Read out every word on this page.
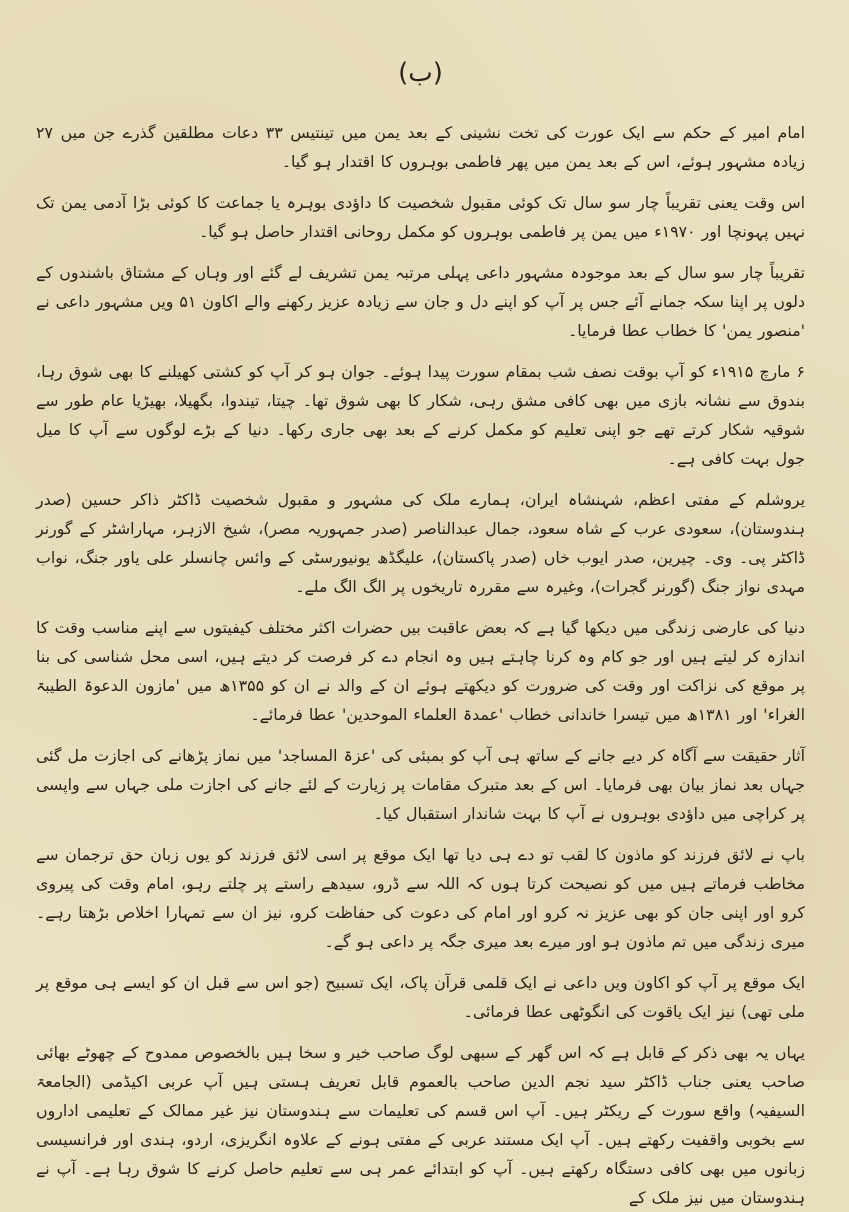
(ب)

امام امیر کے حکم سے ایک عورت کی تخت نشینی کے بعد یمن میں تینتیس ۳۳ دعات مطلقین گذرے جن میں ۲۷ زیادہ مشہور ہوئے، اس کے بعد یمن میں پھر فاطمی بوہروں کا اقتدار ہو گیا۔

اس وقت یعنی تقریباً چار سو سال تک کوئی مقبول شخصیت کا داؤدی بوہرہ یا جماعت کا کوئی بڑا آدمی یمن تک نہیں پہونچا اور ۱۹۷۰ء میں یمن پر فاطمی بوہروں کو مکمل روحانی اقتدار حاصل ہو گیا۔

تقریباً چار سو سال کے بعد موجودہ مشہور داعی پہلی مرتبہ یمن تشریف لے گئے اور وہاں کے مشتاق باشندوں کے دلوں پر اپنا سکہ جمانے آئے جس پر آپ کو اپنے دل و جان سے زیادہ عزیز رکھنے والے اکاون ۵۱ ویں مشہور داعی نے 'منصور یمن' کا خطاب عطا فرمایا۔

۶ مارچ ۱۹۱۵ء کو آپ بوقت نصف شب بمقام سورت پیدا ہوئے۔ جوان ہو کر آپ کو کشتی کھیلنے کا بھی شوق رہا، بندوق سے نشانہ بازی میں بھی کافی مشق رہی، شکار کا بھی شوق تھا۔ چیتا، تیندوا، بگھیلا، بھیڑیا عام طور سے شوقیہ شکار کرتے تھے جو اپنی تعلیم کو مکمل کرنے کے بعد بھی جاری رکھا۔ دنیا کے بڑے لوگوں سے آپ کا میل جول بہت کافی ہے۔

یروشلم کے مفتی اعظم، شہنشاہ ایران، ہمارے ملک کی مشہور و مقبول شخصیت ڈاکٹر ذاکر حسین (صدر ہندوستان)، سعودی عرب کے شاہ سعود، جمال عبدالناصر (صدر جمہوریہ مصر)، شیخ الازہر، مہاراشٹر کے گورنر ڈاکٹر پی۔ وی۔ چیرین، صدر ایوب خاں (صدر پاکستان)، علیگڈھ یونیورسٹی کے وائس چانسلر علی یاور جنگ، نواب مہدی نواز جنگ (گورنر گجرات)، وغیرہ سے مقررہ تاریخوں پر الگ الگ ملے۔

دنیا کی عارضی زندگی میں دیکھا گیا ہے کہ بعض عاقبت بیں حضرات اکثر مختلف کیفیتوں سے اپنے مناسب وقت کا اندازہ کر لیتے ہیں اور جو کام وہ کرنا چاہتے ہیں وہ انجام دے کر فرصت کر دیتے ہیں، اسی محل شناسی کی بنا پر موقع کی نزاکت اور وقت کی ضرورت کو دیکھتے ہوئے ان کے والد نے ان کو ۱۳۵۵ھ میں 'مازون الدعوۃ الطیبۃ الغراء' اور ۱۳۸۱ھ میں تیسرا خاندانی خطاب 'عمدۃ العلماء الموحدین' عطا فرمائے۔

آثار حقیقت سے آگاہ کر دیے جانے کے ساتھ ہی آپ کو بمبئی کی 'عزۃ المساجد' میں نماز پڑھانے کی اجازت مل گئی جہاں بعد نماز بیان بھی فرمایا۔ اس کے بعد متبرک مقامات پر زیارت کے لئے جانے کی اجازت ملی جہاں سے واپسی پر کراچی میں داؤدی بوہروں نے آپ کا بہت شاندار استقبال کیا۔

باپ نے لائق فرزند کو ماذون کا لقب تو دے ہی دیا تھا ایک موقع پر اسی لائق فرزند کو یوں زبان حق ترجمان سے مخاطب فرماتے ہیں میں کو نصیحت کرتا ہوں کہ اللہ سے ڈرو، سیدھے راستے پر چلتے رہو، امام وقت کی پیروی کرو اور اپنی جان کو بھی عزیز نہ کرو اور امام کی دعوت کی حفاظت کرو، نیز ان سے تمہارا اخلاص بڑھتا رہے۔ میری زندگی میں تم ماذون ہو اور میرے بعد میری جگہ پر داعی ہو گے۔

ایک موقع پر آپ کو اکاون ویں داعی نے ایک قلمی قرآن پاک، ایک تسبیح (جو اس سے قبل ان کو ایسے ہی موقع پر ملی تھی) نیز ایک یاقوت کی انگوٹھی عطا فرمائی۔

یہاں یہ بھی ذکر کے قابل ہے کہ اس گھر کے سبھی لوگ صاحب خیر و سخا ہیں بالخصوص ممدوح کے چھوٹے بھائی صاحب یعنی جناب ڈاکٹر سید نجم الدین صاحب بالعموم قابل تعریف ہستی ہیں آپ عربی اکیڈمی (الجامعۃ السیفیہ) واقع سورت کے ریکٹر ہیں۔ آپ اس قسم کی تعلیمات سے ہندوستان نیز غیر ممالک کے تعلیمی اداروں سے بخوبی واقفیت رکھتے ہیں۔ آپ ایک مستند عربی کے مفتی ہونے کے علاوہ انگریزی، اردو، ہندی اور فرانسیسی زبانوں میں بھی کافی دستگاہ رکھتے ہیں۔ آپ کو ابتدائے عمر ہی سے تعلیم حاصل کرنے کا شوق رہا ہے۔ آپ نے ہندوستان میں نیز ملک کے
